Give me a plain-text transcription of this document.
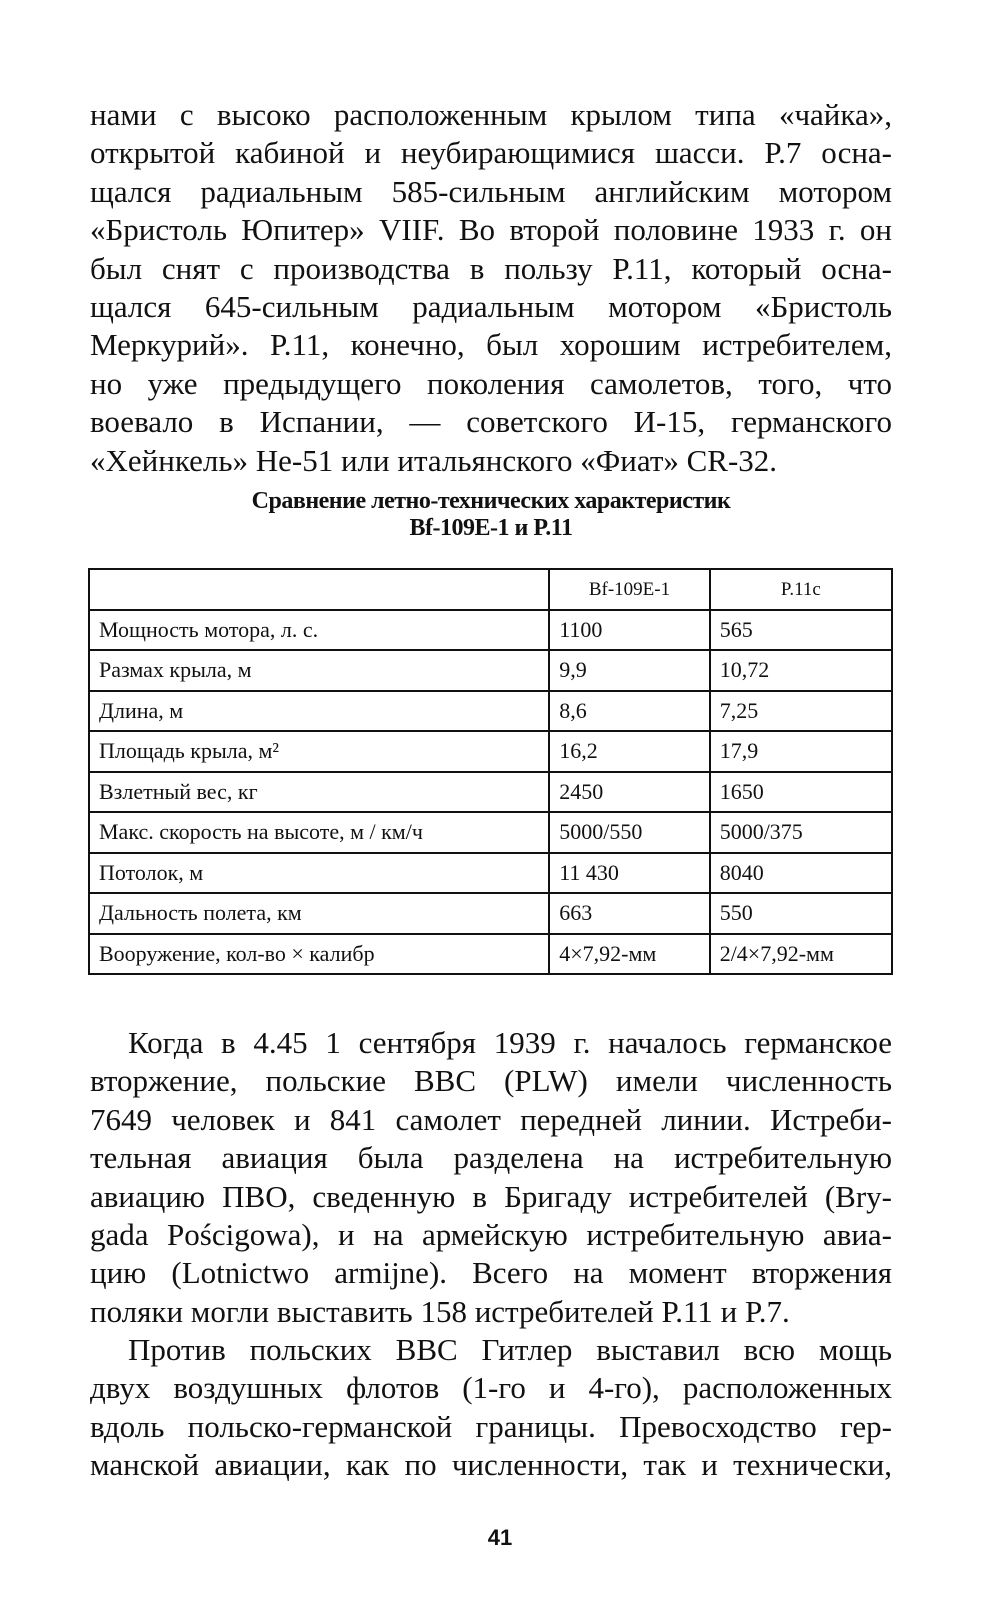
нами с высоко расположенным крылом типа «чайка»,
открытой кабиной и неубирающимися шасси. P.7 осна-
щался радиальным 585-сильным английским мотором
«Бристоль Юпитер» VIIF. Во второй половине 1933 г. он
был снят с производства в пользу P.11, который осна-
щался 645-сильным радиальным мотором «Бристоль
Меркурий». P.11, конечно, был хорошим истребителем,
но уже предыдущего поколения самолетов, того, что
воевало в Испании, — советского И-15, германского
«Хейнкель» Не-51 или итальянского «Фиат» CR-32.
Сравнение летно-технических характеристик
Bf-109E-1 и P.11
	Bf-109E-1	P.11c
Мощность мотора, л. с.	1100	565
Размах крыла, м	9,9	10,72
Длина, м	8,6	7,25
Площадь крыла, м²	16,2	17,9
Взлетный вес, кг	2450	1650
Макс. скорость на высоте, м / км/ч	5000/550	5000/375
Потолок, м	11 430	8040
Дальность полета, км	663	550
Вооружение, кол-во × калибр	4×7,92-мм	2/4×7,92-мм
Когда в 4.45 1 сентября 1939 г. началось германское
вторжение, польские ВВС (PLW) имели численность
7649 человек и 841 самолет передней линии. Истреби-
тельная авиация была разделена на истребительную
авиацию ПВО, сведенную в Бригаду истребителей (Bry-
gada Pościgowa), и на армейскую истребительную авиа-
цию (Lotnictwo armijne). Всего на момент вторжения
поляки могли выставить 158 истребителей P.11 и P.7.
Против польских ВВС Гитлер выставил всю мощь
двух воздушных флотов (1-го и 4-го), расположенных
вдоль польско-германской границы. Превосходство гер-
манской авиации, как по численности, так и технически,
41
